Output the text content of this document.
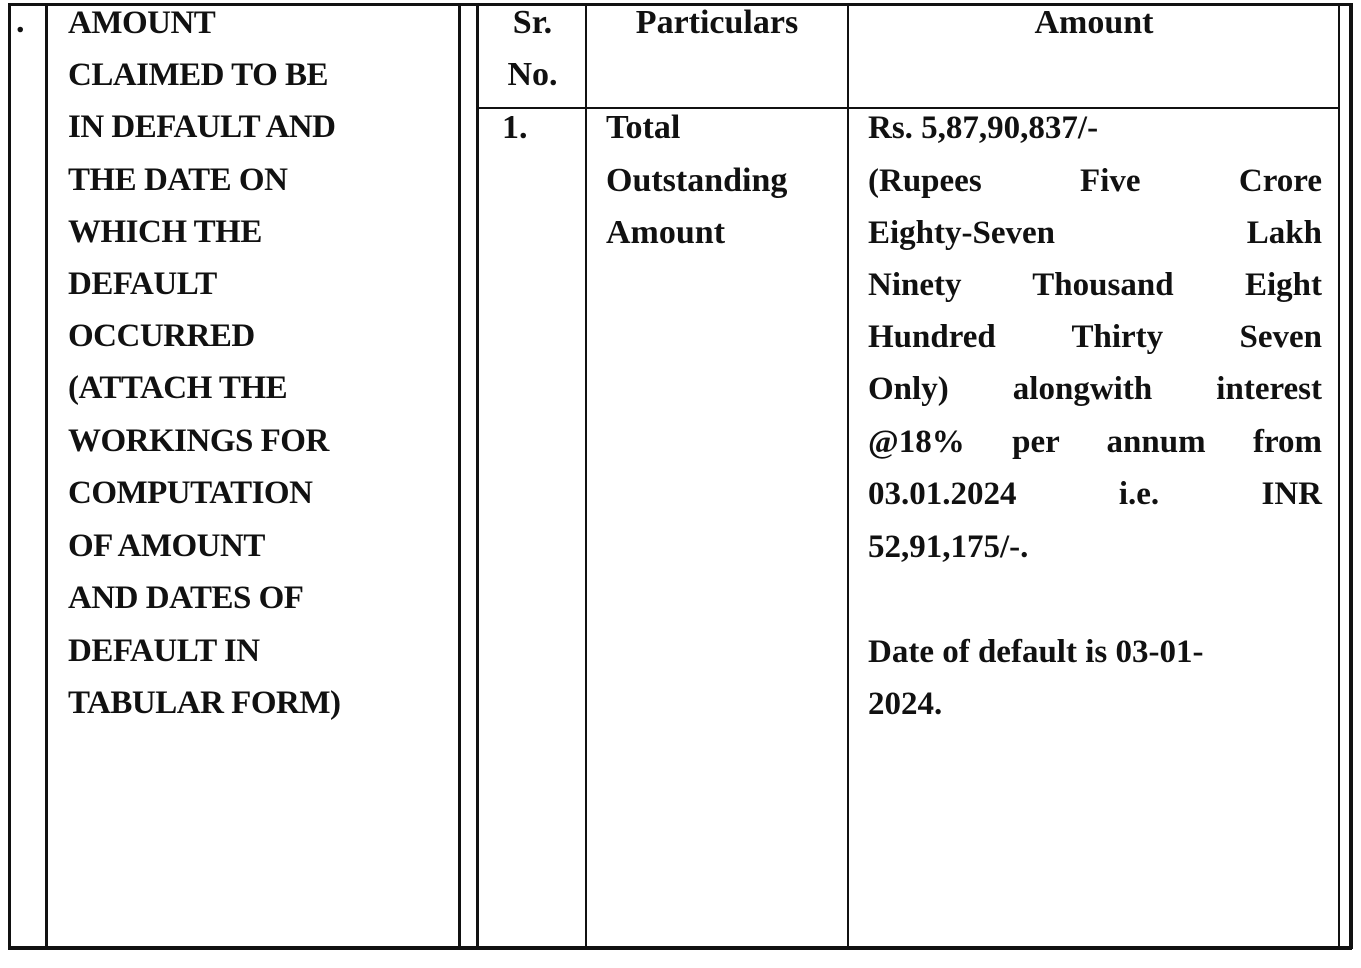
. AMOUNT
CLAIMED TO BE
IN DEFAULT AND
THE DATE ON
WHICH THE
DEFAULT
OCCURRED
(ATTACH THE
WORKINGS FOR
COMPUTATION
OF AMOUNT
AND DATES OF
DEFAULT IN
TABULAR FORM)
Sr.
No.
Particulars	Amount
1. Total
Outstanding
Amount
Rs. 5,87,90,837/-
(Rupees Five Crore
Eighty-Seven Lakh
Ninety Thousand Eight
Hundred Thirty Seven
Only) alongwith interest
@18% per annum from
03.01.2024 i.e. INR
52,91,175/-.
Date of default is 03-01-
2024.
